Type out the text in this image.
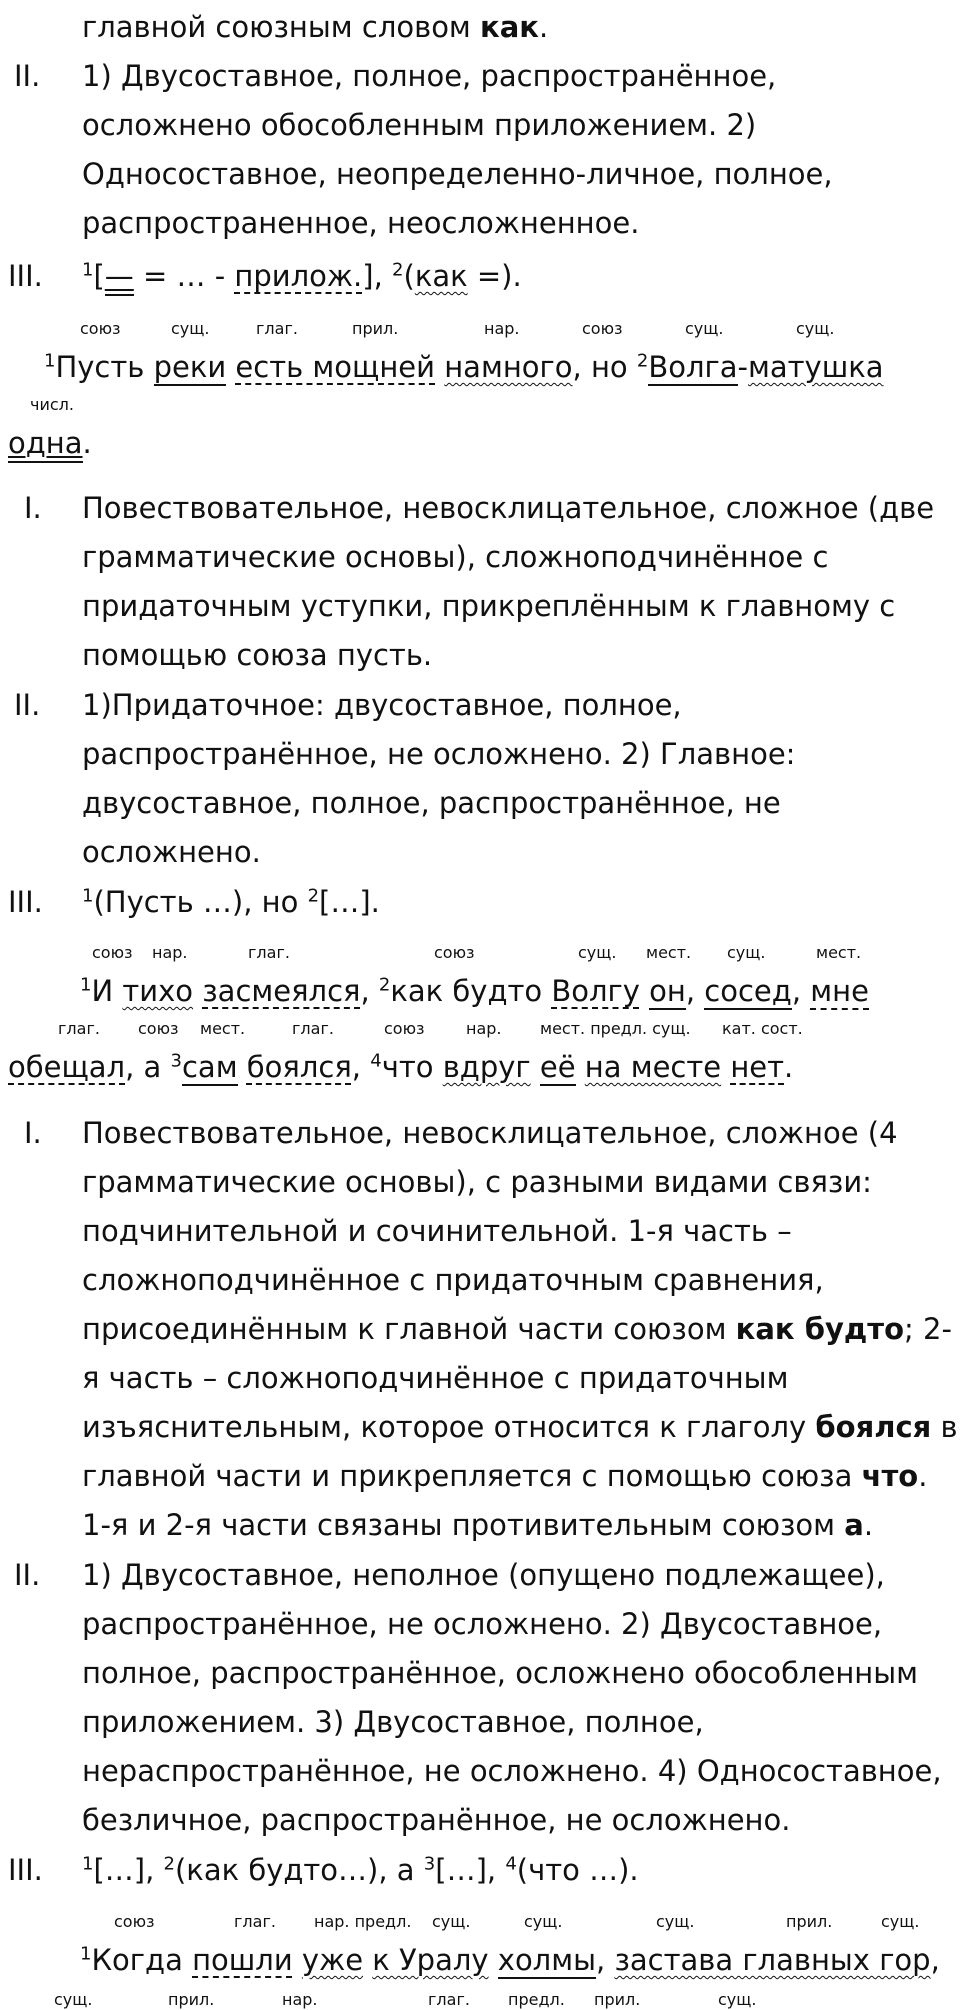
главной союзным словом как.
II. 1) Двусоставное, полное, распространённое,
осложнено обособленным приложением. 2)
Односоставное, неопределенно-личное, полное,
распространенное, неосложненное.
III. $^1$[— = … - прилож.], $^2$(как =).
союз	сущ.	глаг.	прил.	нар.	союз	сущ.	сущ.
$^1$Пусть реки есть мощней намного, но $^2$Волга-матушка
числ.
одна.
I. Повествовательное, невосклицательное, сложное (две
грамматические основы), сложноподчинённое с
придаточным уступки, прикреплённым к главному с
помощью союза пусть.
II. 1)Придаточное: двусоставное, полное,
распространённое, не осложнено. 2) Главное:
двусоставное, полное, распространённое, не
осложнено.
III. $^1$(Пусть …), но $^2$[…].
союз нар.	глаг.	союз	сущ. мест. сущ.	мест.
$^1$И тихо засмеялся, $^2$как будто Волгу он, сосед, мне
глаг. союз мест.	глаг.	союз	нар. мест. предл. сущ. кат. сост.
обещал, а $^3$сам боялся, $^4$что вдруг её на месте нет.
I. Повествовательное, невосклицательное, сложное (4
грамматические основы), с разными видами связи:
подчинительной и сочинительной. 1-я часть –
сложноподчинённое с придаточным сравнения,
присоединённым к главной части союзом как будто; 2-
я часть – сложноподчинённое с придаточным
изъяснительным, которое относится к глаголу боялся в
главной части и прикрепляется с помощью союза что.
1-я и 2-я части связаны противительным союзом а.
II. 1) Двусоставное, неполное (опущено подлежащее),
распространённое, не осложнено. 2) Двусоставное,
полное, распространённое, осложнено обособленным
приложением. 3) Двусоставное, полное,
нераспространённое, не осложнено. 4) Односоставное,
безличное, распространённое, не осложнено.
III. $^1$[…], $^2$(как будто…), а $^3$[…], $^4$(что …).
союз	глаг. нар. предл. сущ.	сущ.	сущ.	прил.	сущ.
$^1$Когда пошли уже к Уралу холмы, застава главных гор,
сущ.	прил.	нар.	глаг. предл. прил.	сущ.
